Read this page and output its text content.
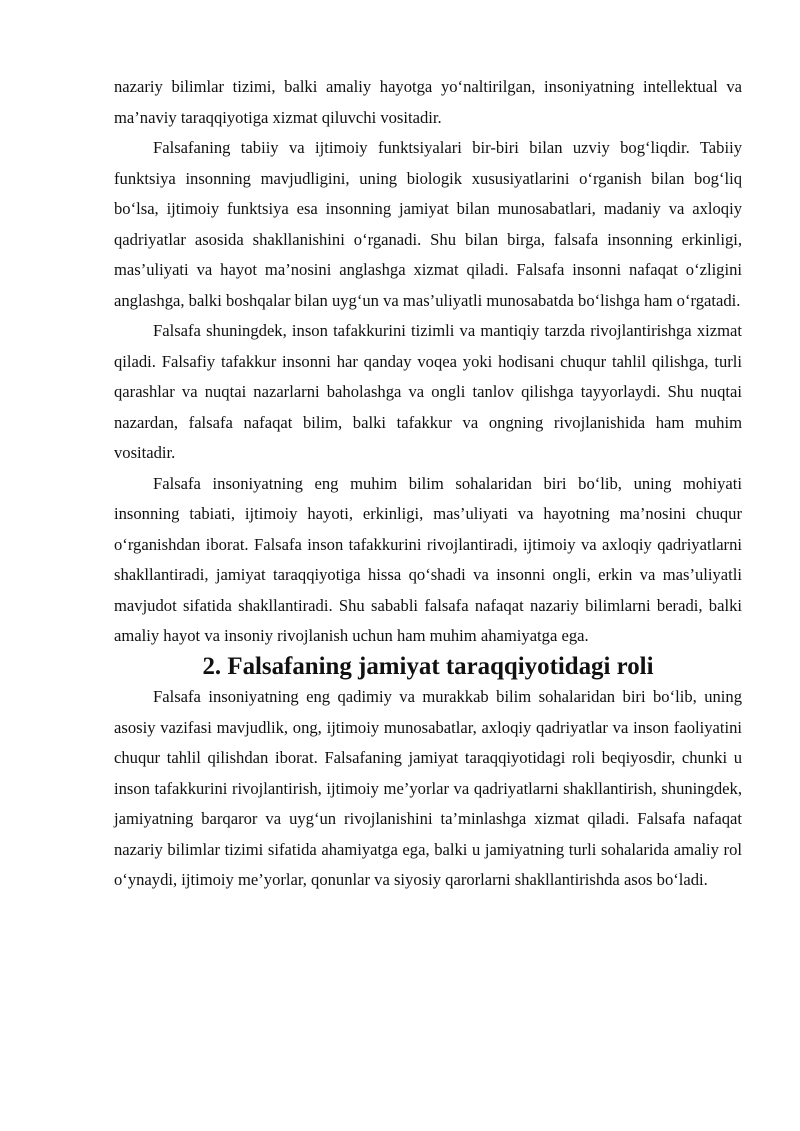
nazariy bilimlar tizimi, balki amaliy hayotga yo‘naltirilgan, insoniyatning intellektual va ma’naviy taraqqiyotiga xizmat qiluvchi vositadir.

Falsafaning tabiiy va ijtimoiy funktsiyalari bir-biri bilan uzviy bog‘liqdir. Tabiiy funktsiya insonning mavjudligini, uning biologik xususiyatlarini o‘rganish bilan bog‘liq bo‘lsa, ijtimoiy funktsiya esa insonning jamiyat bilan munosabatlari, madaniy va axloqiy qadriyatlar asosida shakllanishini o‘rganadi. Shu bilan birga, falsafa insonning erkinligi, mas’uliyati va hayot ma’nosini anglashga xizmat qiladi. Falsafa insonni nafaqat o‘zligini anglashga, balki boshqalar bilan uyg‘un va mas’uliyatli munosabatda bo‘lishga ham o‘rgatadi.

Falsafa shuningdek, inson tafakkurini tizimli va mantiqiy tarzda rivojlantirishga xizmat qiladi. Falsafiy tafakkur insonni har qanday voqea yoki hodisani chuqur tahlil qilishga, turli qarashlar va nuqtai nazarlarni baholashga va ongli tanlov qilishga tayyorlaydi. Shu nuqtai nazardan, falsafa nafaqat bilim, balki tafakkur va ongning rivojlanishida ham muhim vositadir.

Falsafa insoniyatning eng muhim bilim sohalaridan biri bo‘lib, uning mohiyati insonning tabiati, ijtimoiy hayoti, erkinligi, mas’uliyati va hayotning ma’nosini chuqur o‘rganishdan iborat. Falsafa inson tafakkurini rivojlantiradi, ijtimoiy va axloqiy qadriyatlarni shakllantiradi, jamiyat taraqqiyotiga hissa qo‘shadi va insonni ongli, erkin va mas’uliyatli mavjudot sifatida shakllantiradi. Shu sababli falsafa nafaqat nazariy bilimlarni beradi, balki amaliy hayot va insoniy rivojlanish uchun ham muhim ahamiyatga ega.

2. Falsafaning jamiyat taraqqiyotidagi roli

Falsafa insoniyatning eng qadimiy va murakkab bilim sohalaridan biri bo‘lib, uning asosiy vazifasi mavjudlik, ong, ijtimoiy munosabatlar, axloqiy qadriyatlar va inson faoliyatini chuqur tahlil qilishdan iborat. Falsafaning jamiyat taraqqiyotidagi roli beqiyosdir, chunki u inson tafakkurini rivojlantirish, ijtimoiy me’yorlar va qadriyatlarni shakllantirish, shuningdek, jamiyatning barqaror va uyg‘un rivojlanishini ta’minlashga xizmat qiladi. Falsafa nafaqat nazariy bilimlar tizimi sifatida ahamiyatga ega, balki u jamiyatning turli sohalarida amaliy rol o‘ynaydi, ijtimoiy me’yorlar, qonunlar va siyosiy qarorlarni shakllantirishda asos bo‘ladi.
